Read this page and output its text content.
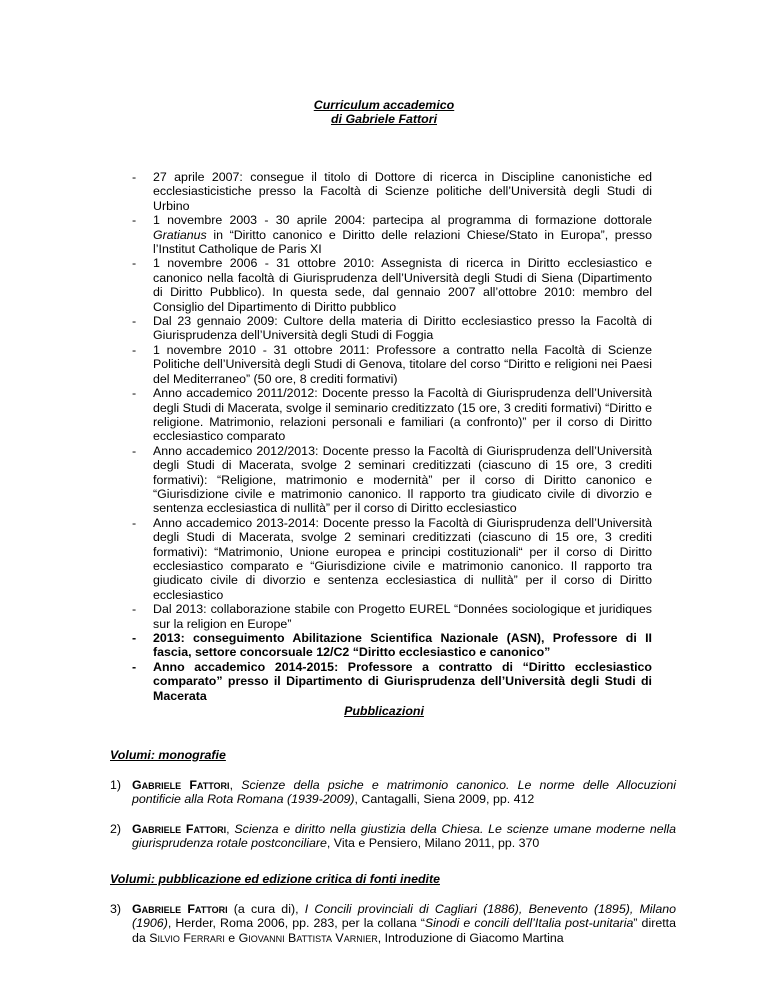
Curriculum accademico
di Gabriele Fattori
- 27 aprile 2007: consegue il titolo di Dottore di ricerca in Discipline canonistiche ed ecclesiasticistiche presso la Facoltà di Scienze politiche dell’Università degli Studi di Urbino
- 1 novembre 2003 - 30 aprile 2004: partecipa al programma di formazione dottorale Gratianus in “Diritto canonico e Diritto delle relazioni Chiese/Stato in Europa”, presso l’Institut Catholique de Paris XI
- 1 novembre 2006 - 31 ottobre 2010: Assegnista di ricerca in Diritto ecclesiastico e canonico nella facoltà di Giurisprudenza dell’Università degli Studi di Siena (Dipartimento di Diritto Pubblico). In questa sede, dal gennaio 2007 all’ottobre 2010: membro del Consiglio del Dipartimento di Diritto pubblico
- Dal 23 gennaio 2009: Cultore della materia di Diritto ecclesiastico presso la Facoltà di Giurisprudenza dell’Università degli Studi di Foggia
- 1 novembre 2010 - 31 ottobre 2011: Professore a contratto nella Facoltà di Scienze Politiche dell’Università degli Studi di Genova, titolare del corso “Diritto e religioni nei Paesi del Mediterraneo” (50 ore, 8 crediti formativi)
- Anno accademico 2011/2012: Docente presso la Facoltà di Giurisprudenza dell’Università degli Studi di Macerata, svolge il seminario creditizzato (15 ore, 3 crediti formativi) “Diritto e religione. Matrimonio, relazioni personali e familiari (a confronto)” per il corso di Diritto ecclesiastico comparato
- Anno accademico 2012/2013: Docente presso la Facoltà di Giurisprudenza dell’Università degli Studi di Macerata, svolge 2 seminari creditizzati (ciascuno di 15 ore, 3 crediti formativi): “Religione, matrimonio e modernità” per il corso di Diritto canonico e “Giurisdizione civile e matrimonio canonico. Il rapporto tra giudicato civile di divorzio e sentenza ecclesiastica di nullità” per il corso di Diritto ecclesiastico
- Anno accademico 2013-2014: Docente presso la Facoltà di Giurisprudenza dell’Università degli Studi di Macerata, svolge 2 seminari creditizzati (ciascuno di 15 ore, 3 crediti formativi): “Matrimonio, Unione europea e principi costituzionali“ per il corso di Diritto ecclesiastico comparato e “Giurisdizione civile e matrimonio canonico. Il rapporto tra giudicato civile di divorzio e sentenza ecclesiastica di nullità” per il corso di Diritto ecclesiastico
- Dal 2013: collaborazione stabile con Progetto EUREL “Données sociologique et juridiques sur la religion en Europe”
- 2013: conseguimento Abilitazione Scientifica Nazionale (ASN), Professore di II fascia, settore concorsuale 12/C2 “Diritto ecclesiastico e canonico”
- Anno accademico 2014-2015: Professore a contratto di “Diritto ecclesiastico comparato” presso il Dipartimento di Giurisprudenza dell’Università degli Studi di Macerata
Pubblicazioni
Volumi: monografie
1) Gabriele Fattori, Scienze della psiche e matrimonio canonico. Le norme delle Allocuzioni pontificie alla Rota Romana (1939-2009), Cantagalli, Siena 2009, pp. 412
2) Gabriele Fattori, Scienza e diritto nella giustizia della Chiesa. Le scienze umane moderne nella giurisprudenza rotale postconciliare, Vita e Pensiero, Milano 2011, pp. 370
Volumi: pubblicazione ed edizione critica di fonti inedite
3) Gabriele Fattori (a cura di), I Concili provinciali di Cagliari (1886), Benevento (1895), Milano (1906), Herder, Roma 2006, pp. 283, per la collana “Sinodi e concili dell’Italia post-unitaria” diretta da Silvio Ferrari e Giovanni Battista Varnier, Introduzione di Giacomo Martina
